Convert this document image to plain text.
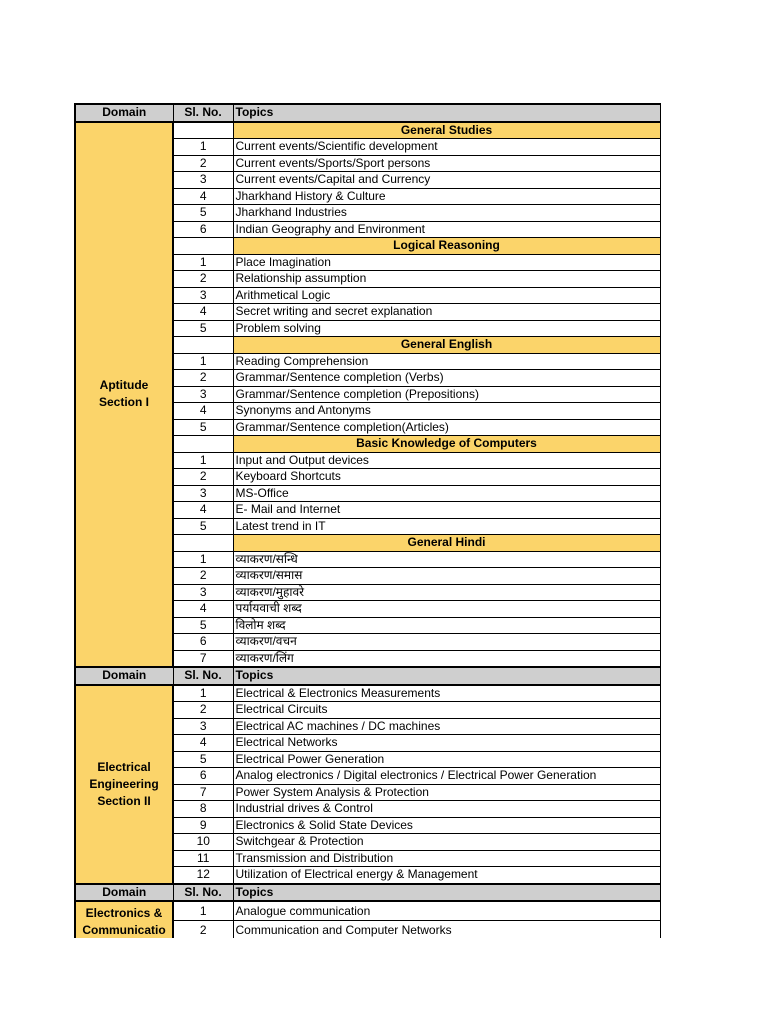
Domain	Sl. No.	Topics
Aptitude Section I		General Studies
	1	Current events/Scientific development
	2	Current events/Sports/Sport persons
	3	Current events/Capital and Currency
	4	Jharkhand History & Culture
	5	Jharkhand Industries
	6	Indian Geography and Environment
		Logical Reasoning
	1	Place Imagination
	2	Relationship assumption
	3	Arithmetical Logic
	4	Secret writing and secret explanation
	5	Problem solving
		General English
	1	Reading Comprehension
	2	Grammar/Sentence completion (Verbs)
	3	Grammar/Sentence completion (Prepositions)
	4	Synonyms and Antonyms
	5	Grammar/Sentence completion(Articles)
		Basic Knowledge of Computers
	1	Input and Output devices
	2	Keyboard Shortcuts
	3	MS-Office
	4	E- Mail and Internet
	5	Latest trend in IT
		General Hindi
	1	व्याकरण/सन्धि
	2	व्याकरण/समास
	3	व्याकरण/मुहावरे
	4	पर्यायवाची शब्द
	5	विलोम शब्द
	6	व्याकरण/वचन
	7	व्याकरण/लिंग
Domain	Sl. No.	Topics
Electrical Engineering Section II	1	Electrical & Electronics Measurements
	2	Electrical Circuits
	3	Electrical AC machines / DC machines
	4	Electrical Networks
	5	Electrical Power Generation
	6	Analog electronics / Digital electronics / Electrical Power Generation
	7	Power System Analysis & Protection
	8	Industrial drives & Control
	9	Electronics & Solid State Devices
	10	Switchgear & Protection
	11	Transmission and Distribution
	12	Utilization of Electrical energy & Management
Domain	Sl. No.	Topics
Electronics & Communicatio	1	Analogue communication
	2	Communication and Computer Networks
